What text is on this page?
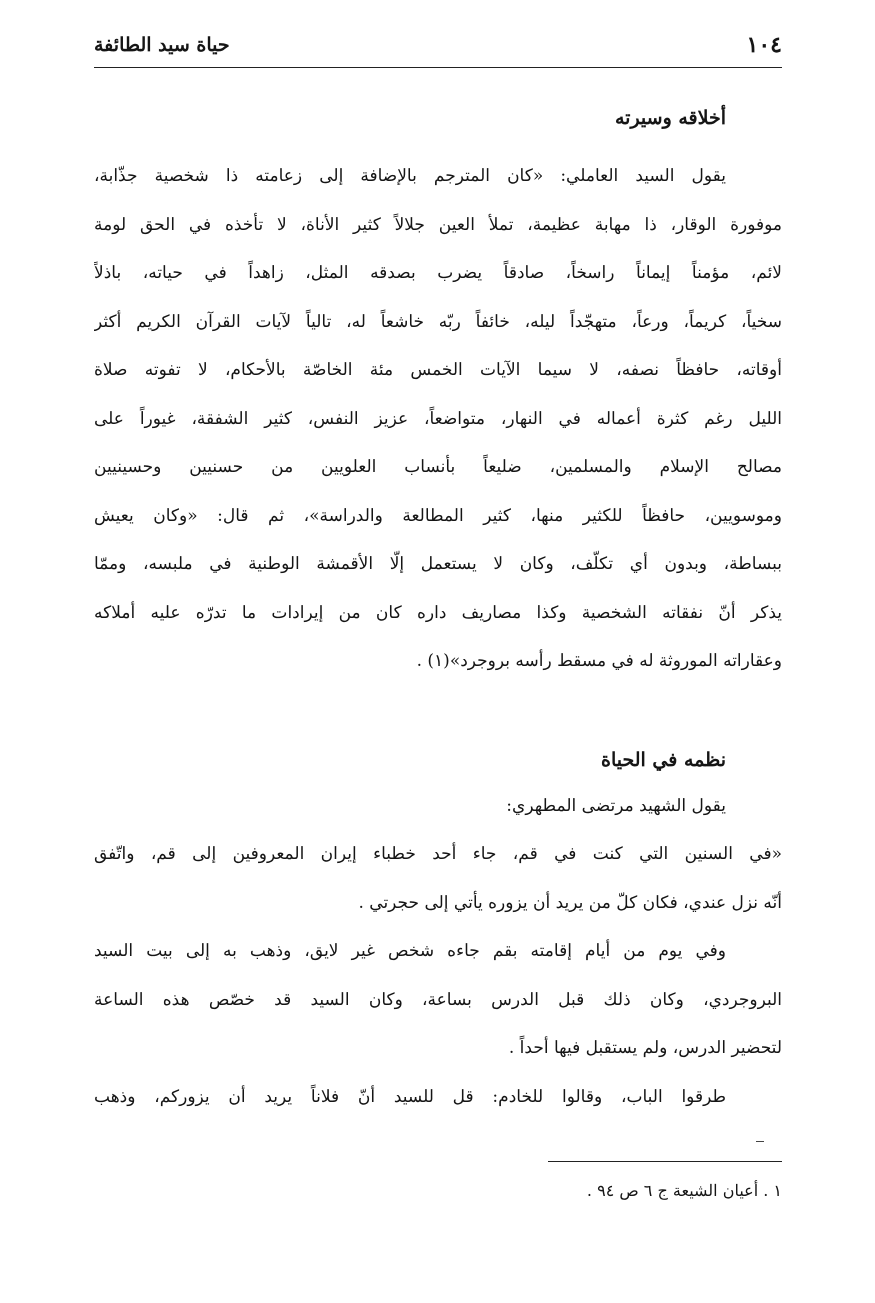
١٠٤
حياة سيد الطائفة
أخلاقه وسيرته
يقول السيد العاملي: «كان المترجم بالإضافة إلى زعامته ذا شخصية جذّابة،
موفورة الوقار، ذا مهابة عظيمة، تملأ العين جلالاً كثير الأناة، لا تأخذه في الحق لومة
لائم، مؤمناً إيماناً راسخاً، صادقاً يضرب بصدقه المثل، زاهداً في حياته، باذلاً
سخياً، كريماً، ورعاً، متهجّداً ليله، خائفاً ربّه خاشعاً له، تالياً لآيات القرآن الكريم أكثر
أوقاته، حافظاً نصفه، لا سيما الآيات الخمس مئة الخاصّة بالأحكام، لا تفوته صلاة
الليل رغم كثرة أعماله في النهار، متواضعاً، عزيز النفس، كثير الشفقة، غيوراً على
مصالح الإسلام والمسلمين، ضليعاً بأنساب العلويين من حسنيين وحسينيين
وموسويين، حافظاً للكثير منها، كثير المطالعة والدراسة»، ثم قال: «وكان يعيش
ببساطة، وبدون أي تكلّف، وكان لا يستعمل إلّا الأقمشة الوطنية في ملبسه، وممّا
يذكر أنّ نفقاته الشخصية وكذا مصاريف داره كان من إيرادات ما تدرّه عليه أملاكه
وعقاراته الموروثة له في مسقط رأسه بروجرد»(١) .
نظمه في الحياة
يقول الشهيد مرتضى المطهري:
«في السنين التي كنت في قم، جاء أحد خطباء إيران المعروفين إلى قم، واتّفق
أنّه نزل عندي، فكان كلّ من يريد أن يزوره يأتي إلى حجرتي .
وفي يوم من أيام إقامته بقم جاءه شخص غير لايق، وذهب به إلى بيت السيد
البروجردي، وكان ذلك قبل الدرس بساعة، وكان السيد قد خصّص هذه الساعة
لتحضير الدرس، ولم يستقبل فيها أحداً .
طرقوا الباب، وقالوا للخادم: قل للسيد أنّ فلاناً يريد أن يزوركم، وذهب
١ . أعيان الشيعة ج ٦ ص ٩٤ .
